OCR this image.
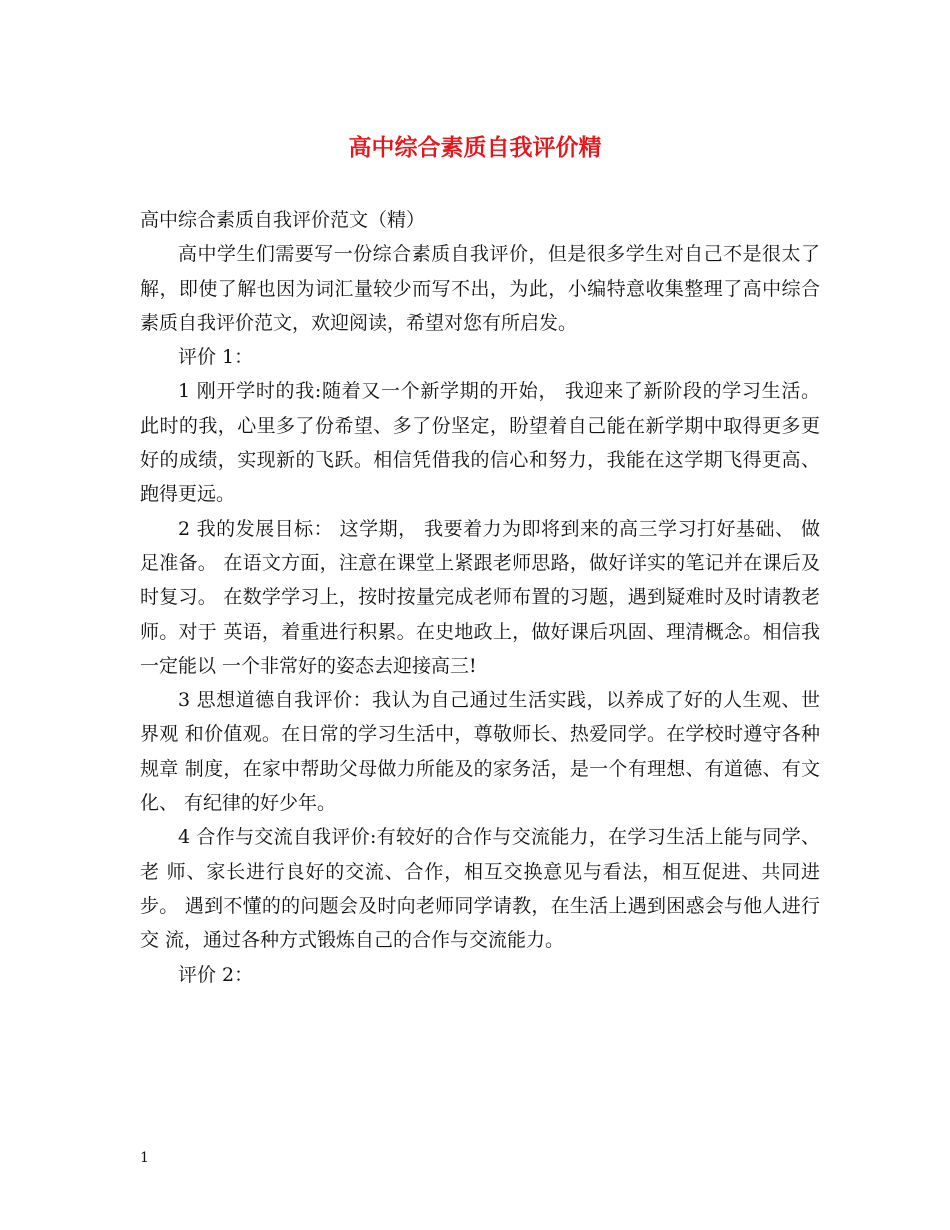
高中综合素质自我评价精

高中综合素质自我评价范文（精）

高中学生们需要写一份综合素质自我评价，但是很多学生对自己不是很太了解，即使了解也因为词汇量较少而写不出，为此，小编特意收集整理了高中综合素质自我评价范文，欢迎阅读，希望对您有所启发。

评价 1：

1 刚开学时的我:随着又一个新学期的开始， 我迎来了新阶段的学习生活。 此时的我，心里多了份希望、多了份坚定，盼望着自己能在新学期中取得更多更好的成绩，实现新的飞跃。相信凭借我的信心和努力，我能在这学期飞得更高、跑得更远。

2 我的发展目标： 这学期， 我要着力为即将到来的高三学习打好基础、 做足准备。 在语文方面，注意在课堂上紧跟老师思路，做好详实的笔记并在课后及时复习。 在数学学习上，按时按量完成老师布置的习题，遇到疑难时及时请教老师。对于 英语，着重进行积累。在史地政上，做好课后巩固、理清概念。相信我一定能以 一个非常好的姿态去迎接高三!

3 思想道德自我评价：我认为自己通过生活实践，以养成了好的人生观、世界观 和价值观。在日常的学习生活中，尊敬师长、热爱同学。在学校时遵守各种规章 制度，在家中帮助父母做力所能及的家务活，是一个有理想、有道德、有文化、 有纪律的好少年。

4 合作与交流自我评价:有较好的合作与交流能力，在学习生活上能与同学、老 师、家长进行良好的交流、合作，相互交换意见与看法，相互促进、共同进步。 遇到不懂的的问题会及时向老师同学请教，在生活上遇到困惑会与他人进行交 流，通过各种方式锻炼自己的合作与交流能力。

评价 2：

1
